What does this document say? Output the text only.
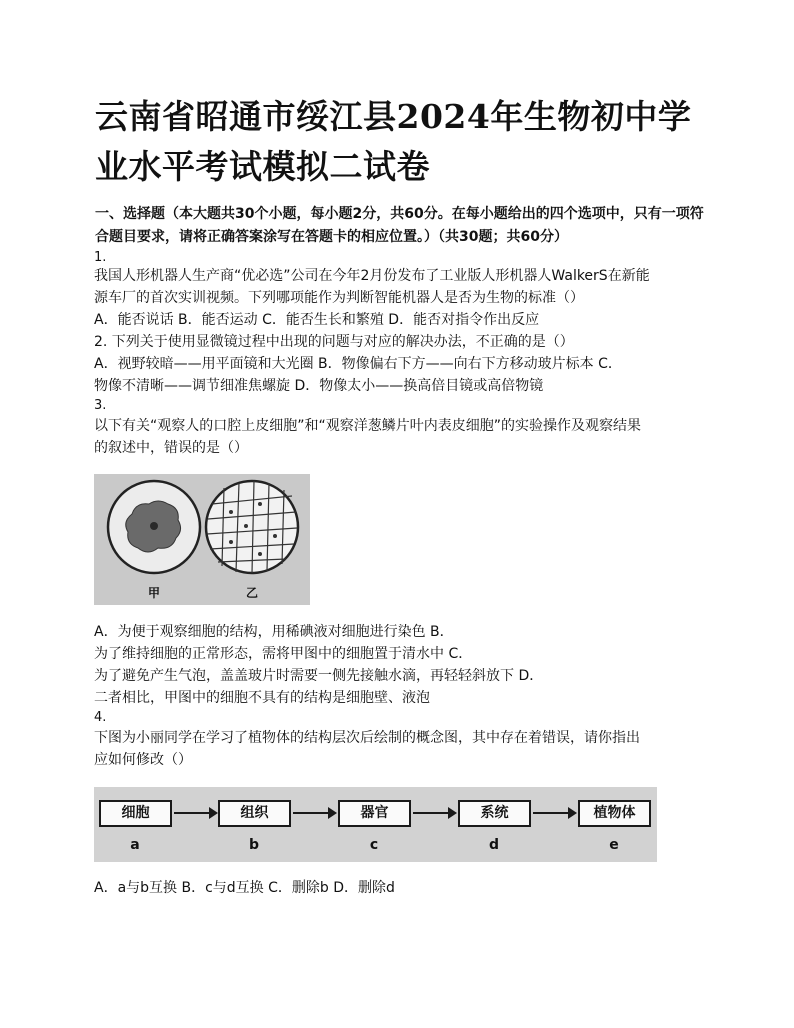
云南省昭通市绥江县2024年生物初中学业水平考试模拟二试卷
一、选择题（本大题共30个小题，每小题2分，共60分。在每小题给出的四个选项中，只有一项符合题目要求，请将正确答案涂写在答题卡的相应位置。）（共30题；共60分）
1.
我国人形机器人生产商“优必选”公司在今年2月份发布了工业版人形机器人WalkerS在新能
源车厂的首次实训视频。下列哪项能作为判断智能机器人是否为生物的标准（）
A．能否说话 B．能否运动 C．能否生长和繁殖 D．能否对指令作出反应
2. 下列关于使用显微镜过程中出现的问题与对应的解决办法，不正确的是（）
A．视野较暗——用平面镜和大光圈 B．物像偏右下方——向右下方移动玻片标本 C．
物像不清晰——调节细准焦螺旋 D．物像太小——换高倍目镜或高倍物镜
3.
以下有关“观察人的口腔上皮细胞”和“观察洋葱鳞片叶内表皮细胞”的实验操作及观察结果
的叙述中，错误的是（）
甲	乙
A．为便于观察细胞的结构，用稀碘液对细胞进行染色 B．
为了维持细胞的正常形态，需将甲图中的细胞置于清水中 C．
为了避免产生气泡，盖盖玻片时需要一侧先接触水滴，再轻轻斜放下 D．
二者相比，甲图中的细胞不具有的结构是细胞壁、液泡
4.
下图为小丽同学在学习了植物体的结构层次后绘制的概念图，其中存在着错误，请你指出
应如何修改（）
细胞	组织	器官	系统	植物体
a	b	c	d	e
A．a与b互换 B．c与d互换 C．删除b D．删除d
